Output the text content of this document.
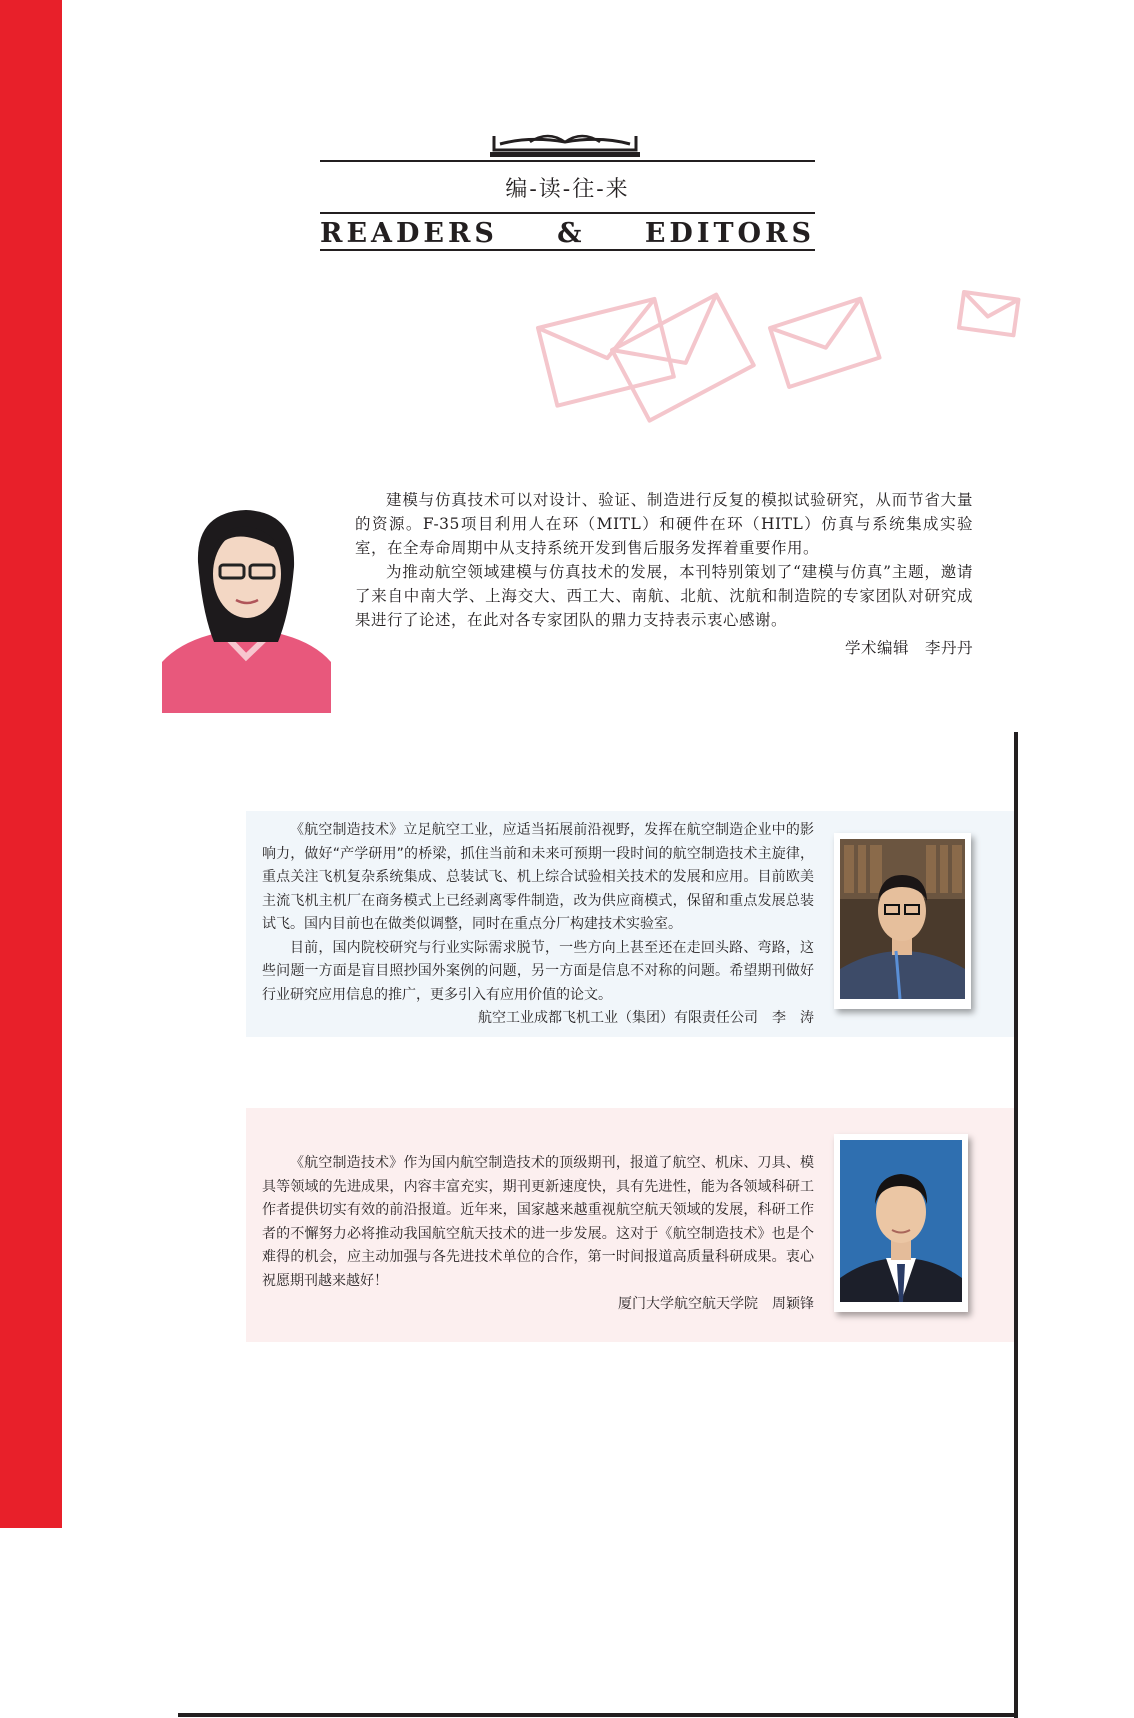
编-读-往-来
READERS & EDITORS

建模与仿真技术可以对设计、验证、制造进行反复的模拟试验研究，从而节省大量的资源。F-35项目利用人在环（MITL）和硬件在环（HITL）仿真与系统集成实验室，在全寿命周期中从支持系统开发到售后服务发挥着重要作用。

为推动航空领域建模与仿真技术的发展，本刊特别策划了“建模与仿真”主题，邀请了来自中南大学、上海交大、西工大、南航、北航、沈航和制造院的专家团队对研究成果进行了论述，在此对各专家团队的鼎力支持表示衷心感谢。

学术编辑　李丹丹

《航空制造技术》立足航空工业，应适当拓展前沿视野，发挥在航空制造企业中的影响力，做好“产学研用”的桥梁，抓住当前和未来可预期一段时间的航空制造技术主旋律，重点关注飞机复杂系统集成、总装试飞、机上综合试验相关技术的发展和应用。目前欧美主流飞机主机厂在商务模式上已经剥离零件制造，改为供应商模式，保留和重点发展总装试飞。国内目前也在做类似调整，同时在重点分厂构建技术实验室。

目前，国内院校研究与行业实际需求脱节，一些方向上甚至还在走回头路、弯路，这些问题一方面是盲目照抄国外案例的问题，另一方面是信息不对称的问题。希望期刊做好行业研究应用信息的推广，更多引入有应用价值的论文。

航空工业成都飞机工业（集团）有限责任公司　李　涛

《航空制造技术》作为国内航空制造技术的顶级期刊，报道了航空、机床、刀具、模具等领域的先进成果，内容丰富充实，期刊更新速度快，具有先进性，能为各领域科研工作者提供切实有效的前沿报道。近年来，国家越来越重视航空航天领域的发展，科研工作者的不懈努力必将推动我国航空航天技术的进一步发展。这对于《航空制造技术》也是个难得的机会，应主动加强与各先进技术单位的合作，第一时间报道高质量科研成果。衷心祝愿期刊越来越好！

厦门大学航空航天学院　周颖锋
